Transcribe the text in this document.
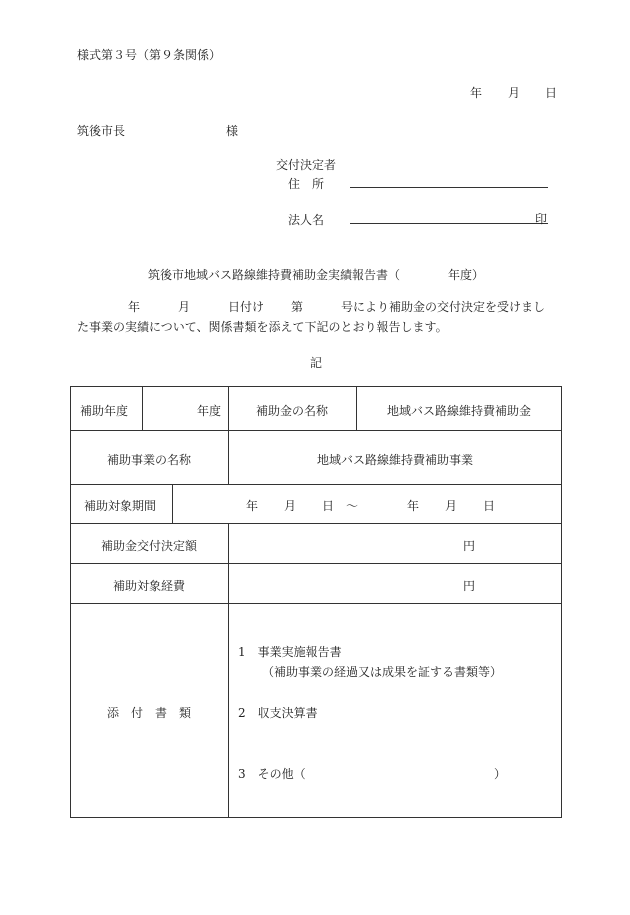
様式第３号（第９条関係）
年 月 日
筑後市長	様
交付決定者
住　所
法人名	印
筑後市地域バス路線維持費補助金実績報告書（	年度）
年	月	日付け 第	号により補助金の交付決定を受けまし
た事業の実績について、関係書類を添えて下記のとおり報告します。
記
補助年度	年度	補助金の名称	地域バス路線維持費補助金
補助事業の名称	地域バス路線維持費補助事業
補助対象期間	年 月 日 ～	年 月 日
補助金交付決定額	円
補助対象経費	円
添　付　書　類
1　事業実施報告書
（補助事業の経過又は成果を証する書類等）
2　収支決算書
3　その他（	）
